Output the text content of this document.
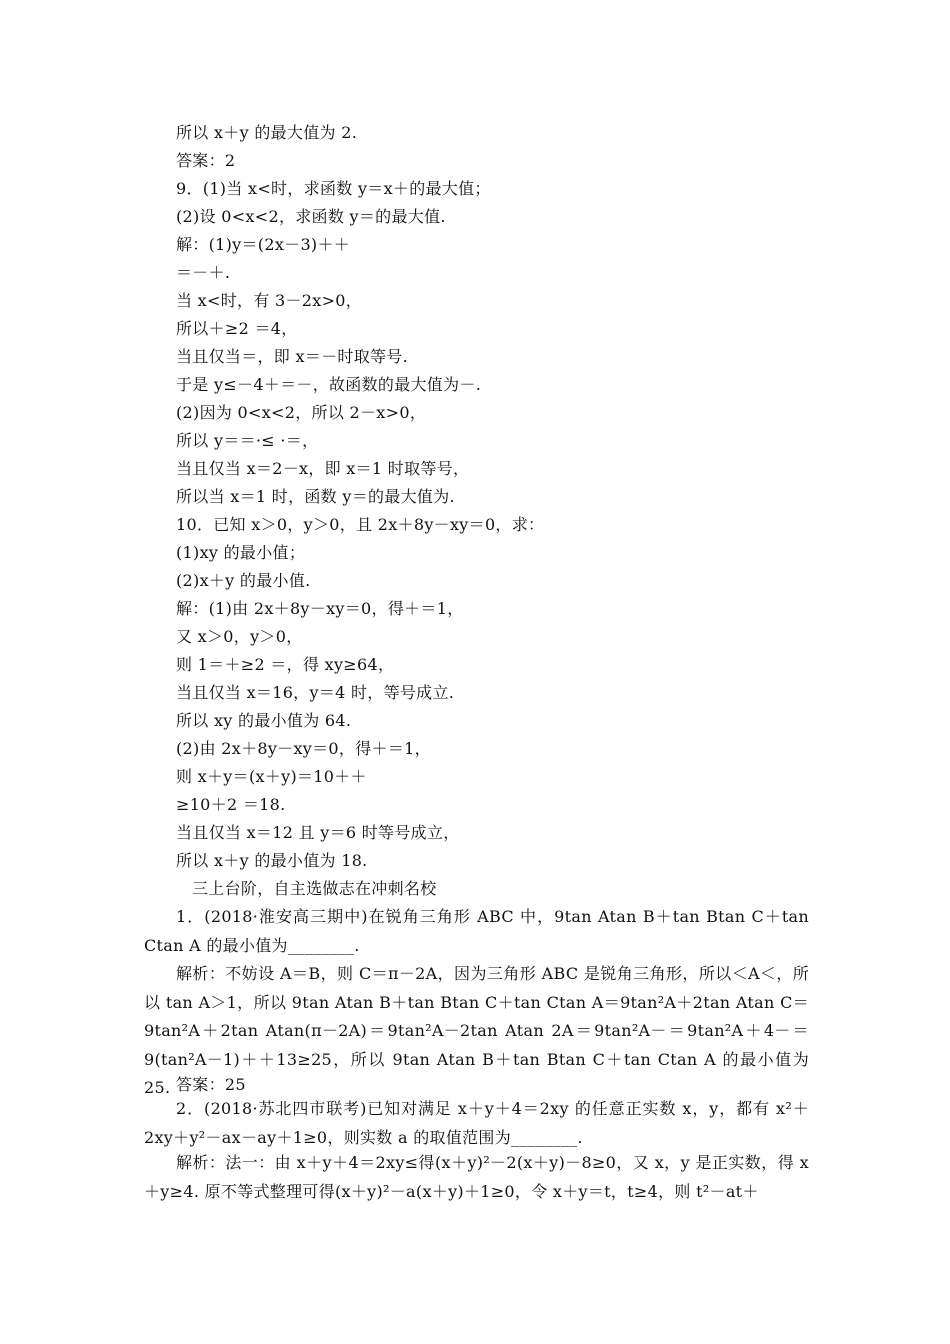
所以 x＋y 的最大值为 2.
答案：2
9．(1)当 x<时，求函数 y＝x＋的最大值；
(2)设 0<x<2，求函数 y＝的最大值.
解：(1)y＝(2x－3)＋＋
＝－＋.
当 x<时，有 3－2x>0，
所以＋≥2 ＝4，
当且仅当＝，即 x＝－时取等号.
于是 y≤－4＋＝－，故函数的最大值为－.
(2)因为 0<x<2，所以 2－x>0，
所以 y＝＝·≤ ·＝，
当且仅当 x＝2－x，即 x＝1 时取等号，
所以当 x＝1 时，函数 y＝的最大值为.
10．已知 x＞0，y＞0，且 2x＋8y－xy＝0，求：
(1)xy 的最小值；
(2)x＋y 的最小值.
解：(1)由 2x＋8y－xy＝0，得＋＝1，
又 x＞0，y＞0，
则 1＝＋≥2 ＝，得 xy≥64，
当且仅当 x＝16，y＝4 时，等号成立.
所以 xy 的最小值为 64.
(2)由 2x＋8y－xy＝0，得＋＝1，
则 x＋y＝(x＋y)＝10＋＋
≥10＋2 ＝18.
当且仅当 x＝12 且 y＝6 时等号成立，
所以 x＋y 的最小值为 18.
三上台阶，自主选做志在冲刺名校
1．(2018·淮安高三期中)在锐角三角形 ABC 中，9tan Atan B＋tan Btan C＋tan Ctan A 的最小值为________.
解析：不妨设 A＝B，则 C＝π－2A，因为三角形 ABC 是锐角三角形，所以＜A＜，所以 tan A＞1，所以 9tan Atan B＋tan Btan C＋tan Ctan A＝9tan²A＋2tan Atan C＝9tan²A＋2tan Atan(π－2A)＝9tan²A－2tan Atan 2A＝9tan²A－＝9tan²A＋4－＝9(tan²A－1)＋＋13≥25，所以 9tan Atan B＋tan Btan C＋tan Ctan A 的最小值为 25. 答案：25
2．(2018·苏北四市联考)已知对满足 x＋y＋4＝2xy 的任意正实数 x，y，都有 x²＋2xy＋y²－ax－ay＋1≥0，则实数 a 的取值范围为________.
解析：法一：由 x＋y＋4＝2xy≤得(x＋y)²－2(x＋y)－8≥0，又 x，y 是正实数，得 x＋y≥4. 原不等式整理可得(x＋y)²－a(x＋y)＋1≥0，令 x＋y＝t，t≥4，则 t²－at＋
